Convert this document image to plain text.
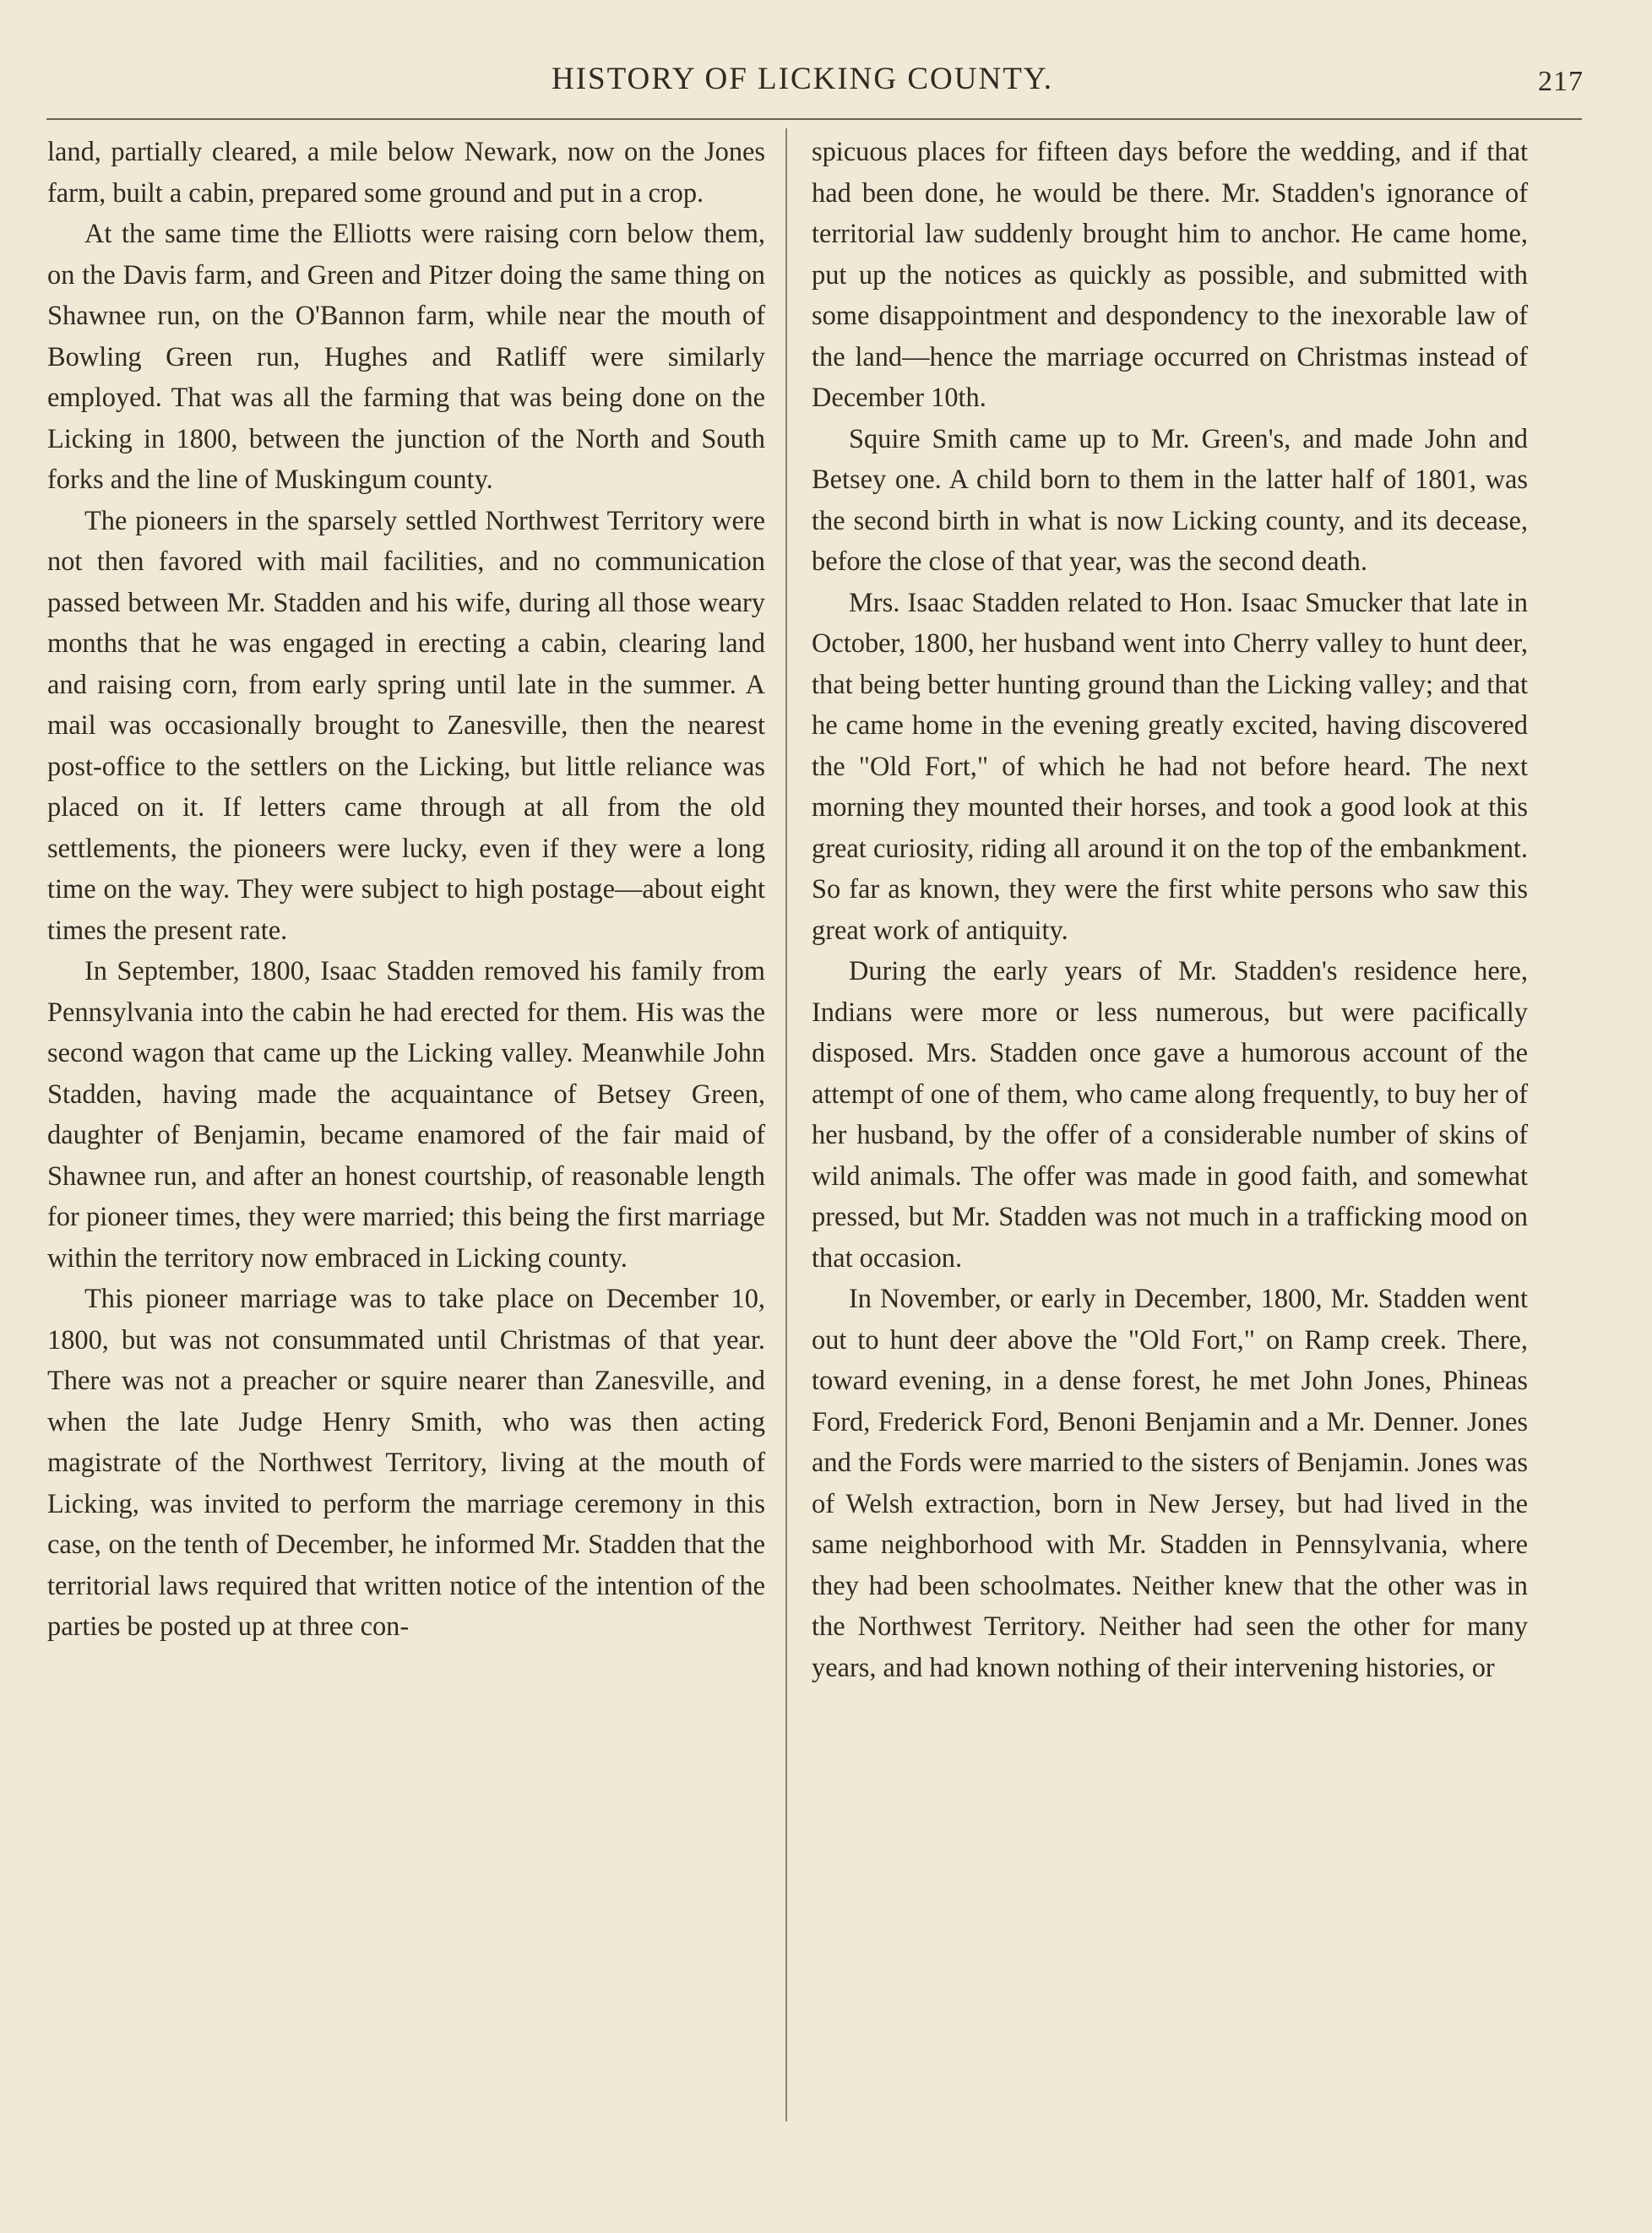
HISTORY OF LICKING COUNTY.	217

land, partially cleared, a mile below Newark, now on the Jones farm, built a cabin, prepared some ground and put in a crop.

At the same time the Elliotts were raising corn below them, on the Davis farm, and Green and Pitzer doing the same thing on Shawnee run, on the O'Bannon farm, while near the mouth of Bowling Green run, Hughes and Ratliff were similarly employed. That was all the farming that was being done on the Licking in 1800, between the junction of the North and South forks and the line of Muskingum county.

The pioneers in the sparsely settled Northwest Territory were not then favored with mail facilities, and no communication passed between Mr. Stadden and his wife, during all those weary months that he was engaged in erecting a cabin, clearing land and raising corn, from early spring until late in the summer. A mail was occasionally brought to Zanesville, then the nearest post-office to the settlers on the Licking, but little reliance was placed on it. If letters came through at all from the old settlements, the pioneers were lucky, even if they were a long time on the way. They were subject to high postage—about eight times the present rate.

In September, 1800, Isaac Stadden removed his family from Pennsylvania into the cabin he had erected for them. His was the second wagon that came up the Licking valley. Meanwhile John Stadden, having made the acquaintance of Betsey Green, daughter of Benjamin, became enamored of the fair maid of Shawnee run, and after an honest courtship, of reasonable length for pioneer times, they were married; this being the first marriage within the territory now embraced in Licking county.

This pioneer marriage was to take place on December 10, 1800, but was not consummated until Christmas of that year. There was not a preacher or squire nearer than Zanesville, and when the late Judge Henry Smith, who was then acting magistrate of the Northwest Territory, living at the mouth of Licking, was invited to perform the marriage ceremony in this case, on the tenth of December, he informed Mr. Stadden that the territorial laws required that written notice of the intention of the parties be posted up at three con-

spicuous places for fifteen days before the wedding, and if that had been done, he would be there. Mr. Stadden's ignorance of territorial law suddenly brought him to anchor. He came home, put up the notices as quickly as possible, and submitted with some disappointment and despondency to the inexorable law of the land—hence the marriage occurred on Christmas instead of December 10th.

Squire Smith came up to Mr. Green's, and made John and Betsey one. A child born to them in the latter half of 1801, was the second birth in what is now Licking county, and its decease, before the close of that year, was the second death.

Mrs. Isaac Stadden related to Hon. Isaac Smucker that late in October, 1800, her husband went into Cherry valley to hunt deer, that being better hunting ground than the Licking valley; and that he came home in the evening greatly excited, having discovered the "Old Fort," of which he had not before heard. The next morning they mounted their horses, and took a good look at this great curiosity, riding all around it on the top of the embankment. So far as known, they were the first white persons who saw this great work of antiquity.

During the early years of Mr. Stadden's residence here, Indians were more or less numerous, but were pacifically disposed. Mrs. Stadden once gave a humorous account of the attempt of one of them, who came along frequently, to buy her of her husband, by the offer of a considerable number of skins of wild animals. The offer was made in good faith, and somewhat pressed, but Mr. Stadden was not much in a trafficking mood on that occasion.

In November, or early in December, 1800, Mr. Stadden went out to hunt deer above the "Old Fort," on Ramp creek. There, toward evening, in a dense forest, he met John Jones, Phineas Ford, Frederick Ford, Benoni Benjamin and a Mr. Denner. Jones and the Fords were married to the sisters of Benjamin. Jones was of Welsh extraction, born in New Jersey, but had lived in the same neighborhood with Mr. Stadden in Pennsylvania, where they had been schoolmates. Neither knew that the other was in the Northwest Territory. Neither had seen the other for many years, and had known nothing of their intervening histories, or
